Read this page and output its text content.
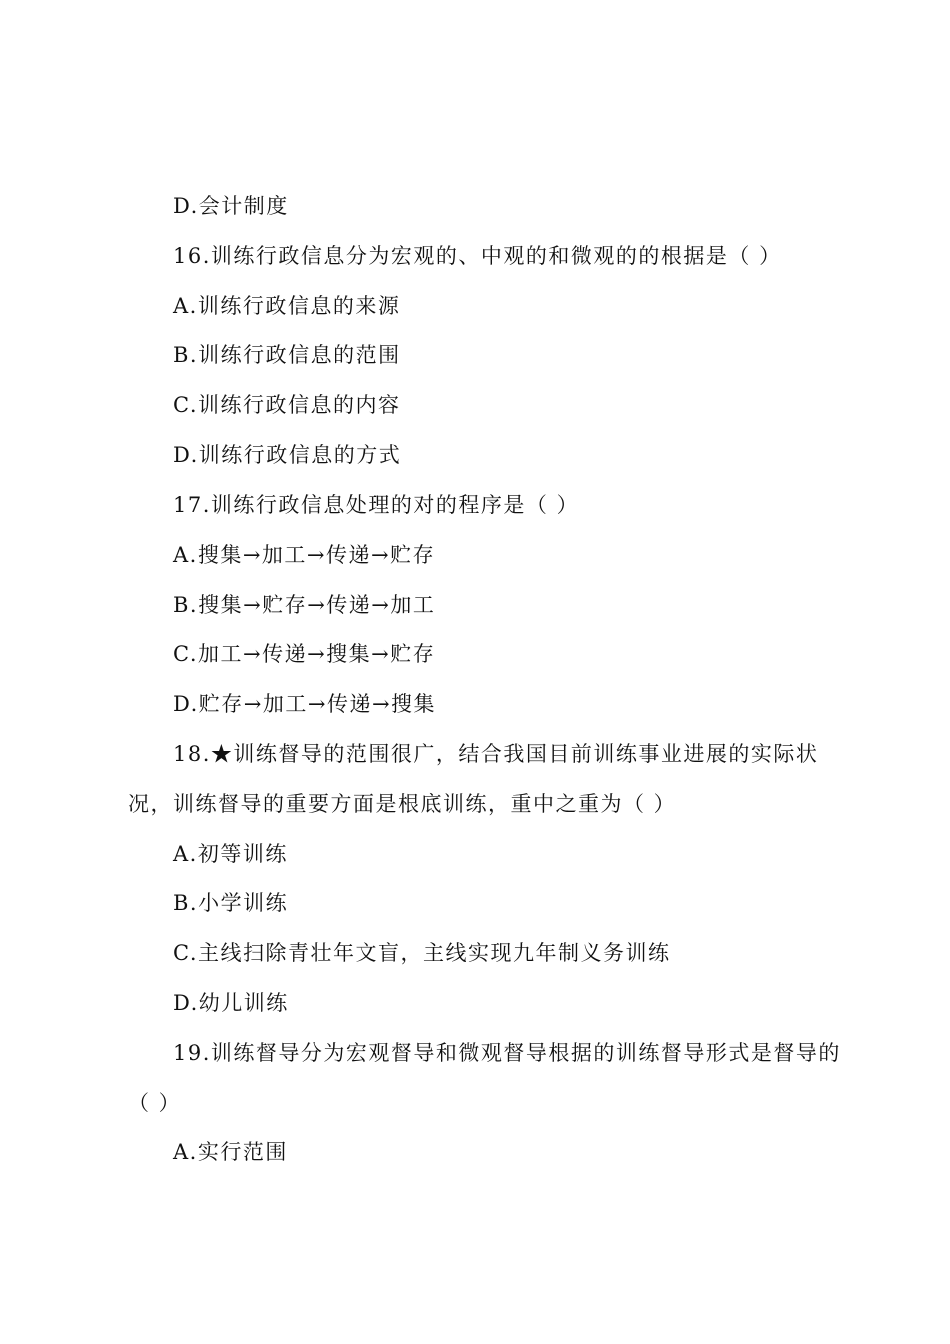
D.会计制度
16.训练行政信息分为宏观的、中观的和微观的的根据是（ ）
A.训练行政信息的来源
B.训练行政信息的范围
C.训练行政信息的内容
D.训练行政信息的方式
17.训练行政信息处理的对的程序是（ ）
A.搜集→加工→传递→贮存
B.搜集→贮存→传递→加工
C.加工→传递→搜集→贮存
D.贮存→加工→传递→搜集
18.★训练督导的范围很广，结合我国目前训练事业进展的实际状
况，训练督导的重要方面是根底训练，重中之重为（ ）
A.初等训练
B.小学训练
C.主线扫除青壮年文盲，主线实现九年制义务训练
D.幼儿训练
19.训练督导分为宏观督导和微观督导根据的训练督导形式是督导的
（ ）
A.实行范围
